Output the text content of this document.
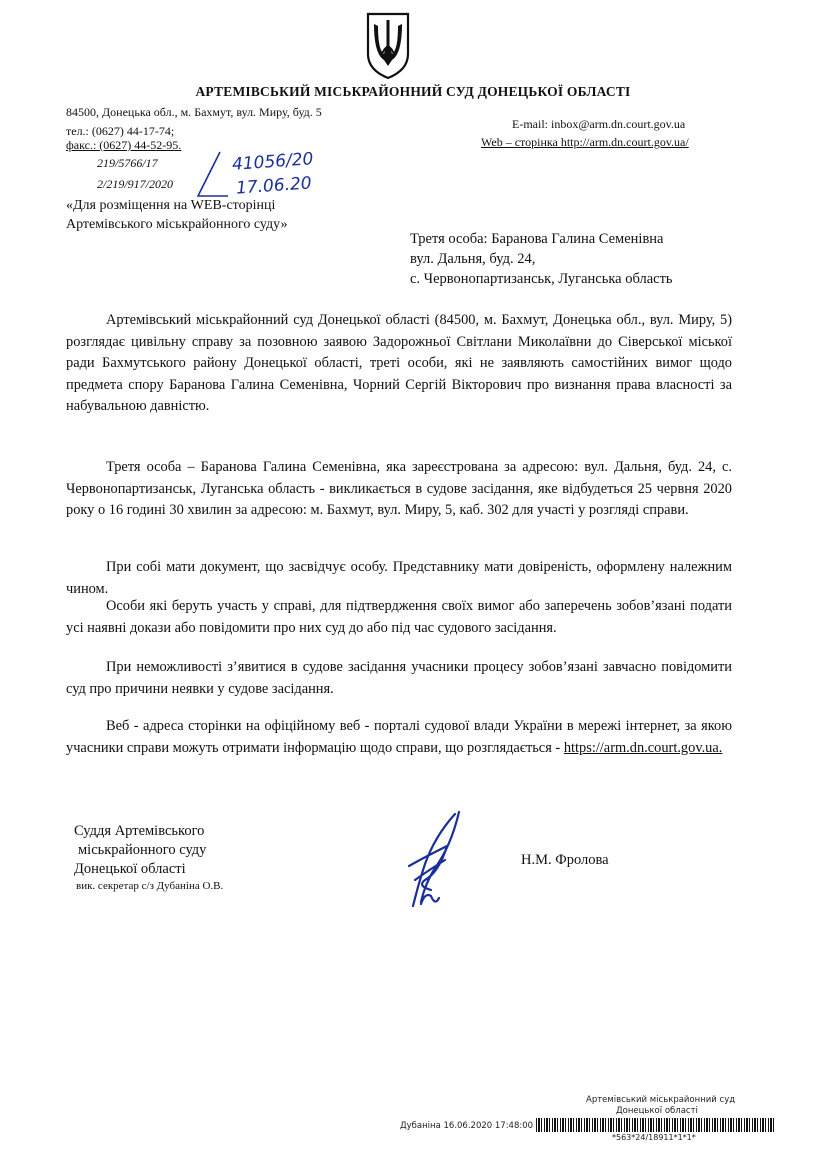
АРТЕМІВСЬКИЙ МІСЬКРАЙОННИЙ СУД ДОНЕЦЬКОЇ ОБЛАСТІ
84500, Донецька обл., м. Бахмут, вул. Миру, буд. 5
тел.: (0627) 44-17-74;
факс.: (0627) 44-52-95.
E-mail: inbox@arm.dn.court.gov.ua
Web – сторінка http://arm.dn.court.gov.ua/
219/5766/17
2/219/917/2020
41056/20
17.06.20
«Для розміщення на WEB-сторінці
Артемівського міськрайонного суду»
Третя особа: Баранова Галина Семенівна
вул. Дальня, буд. 24,
с. Червонопартизанськ, Луганська область
Артемівський міськрайонний суд Донецької області (84500, м. Бахмут, Донецька обл., вул. Миру, 5) розглядає цивільну справу за позовною заявою Задорожньої Світлани Миколаївни до Сіверської міської ради Бахмутського району Донецької області, треті особи, які не заявляють самостійних вимог щодо предмета спору Баранова Галина Семенівна, Чорний Сергій Вікторович про визнання права власності за набувальною давністю.
Третя особа – Баранова Галина Семенівна, яка зареєстрована за адресою: вул. Дальня, буд. 24, с. Червонопартизанськ, Луганська область - викликається в судове засідання, яке відбудеться 25 червня 2020 року о 16 годині 30 хвилин за адресою: м. Бахмут, вул. Миру, 5, каб. 302 для участі у розгляді справи.
При собі мати документ, що засвідчує особу. Представнику мати довіреність, оформлену належним чином.
Особи які беруть участь у справі, для підтвердження своїх вимог або заперечень зобов’язані подати усі наявні докази або повідомити про них суд до або під час судового засідання.
При неможливості з’явитися в судове засідання учасники процесу зобов’язані завчасно повідомити суд про причини неявки у судове засідання.
Веб - адреса сторінки на офіційному веб - порталі судової влади України в мережі інтернет, за якою учасники справи можуть отримати інформацію щодо справи, що розглядається - https://arm.dn.court.gov.ua.
Суддя Артемівського
міськрайонного суду
Донецької області
вик. секретар с/з Дубаніна О.В.
Н.М. Фролова
Артемівський міськрайонний суд
Донецької області
Дубаніна 16.06.2020 17:48:00
*563*24/18911*1*1*
